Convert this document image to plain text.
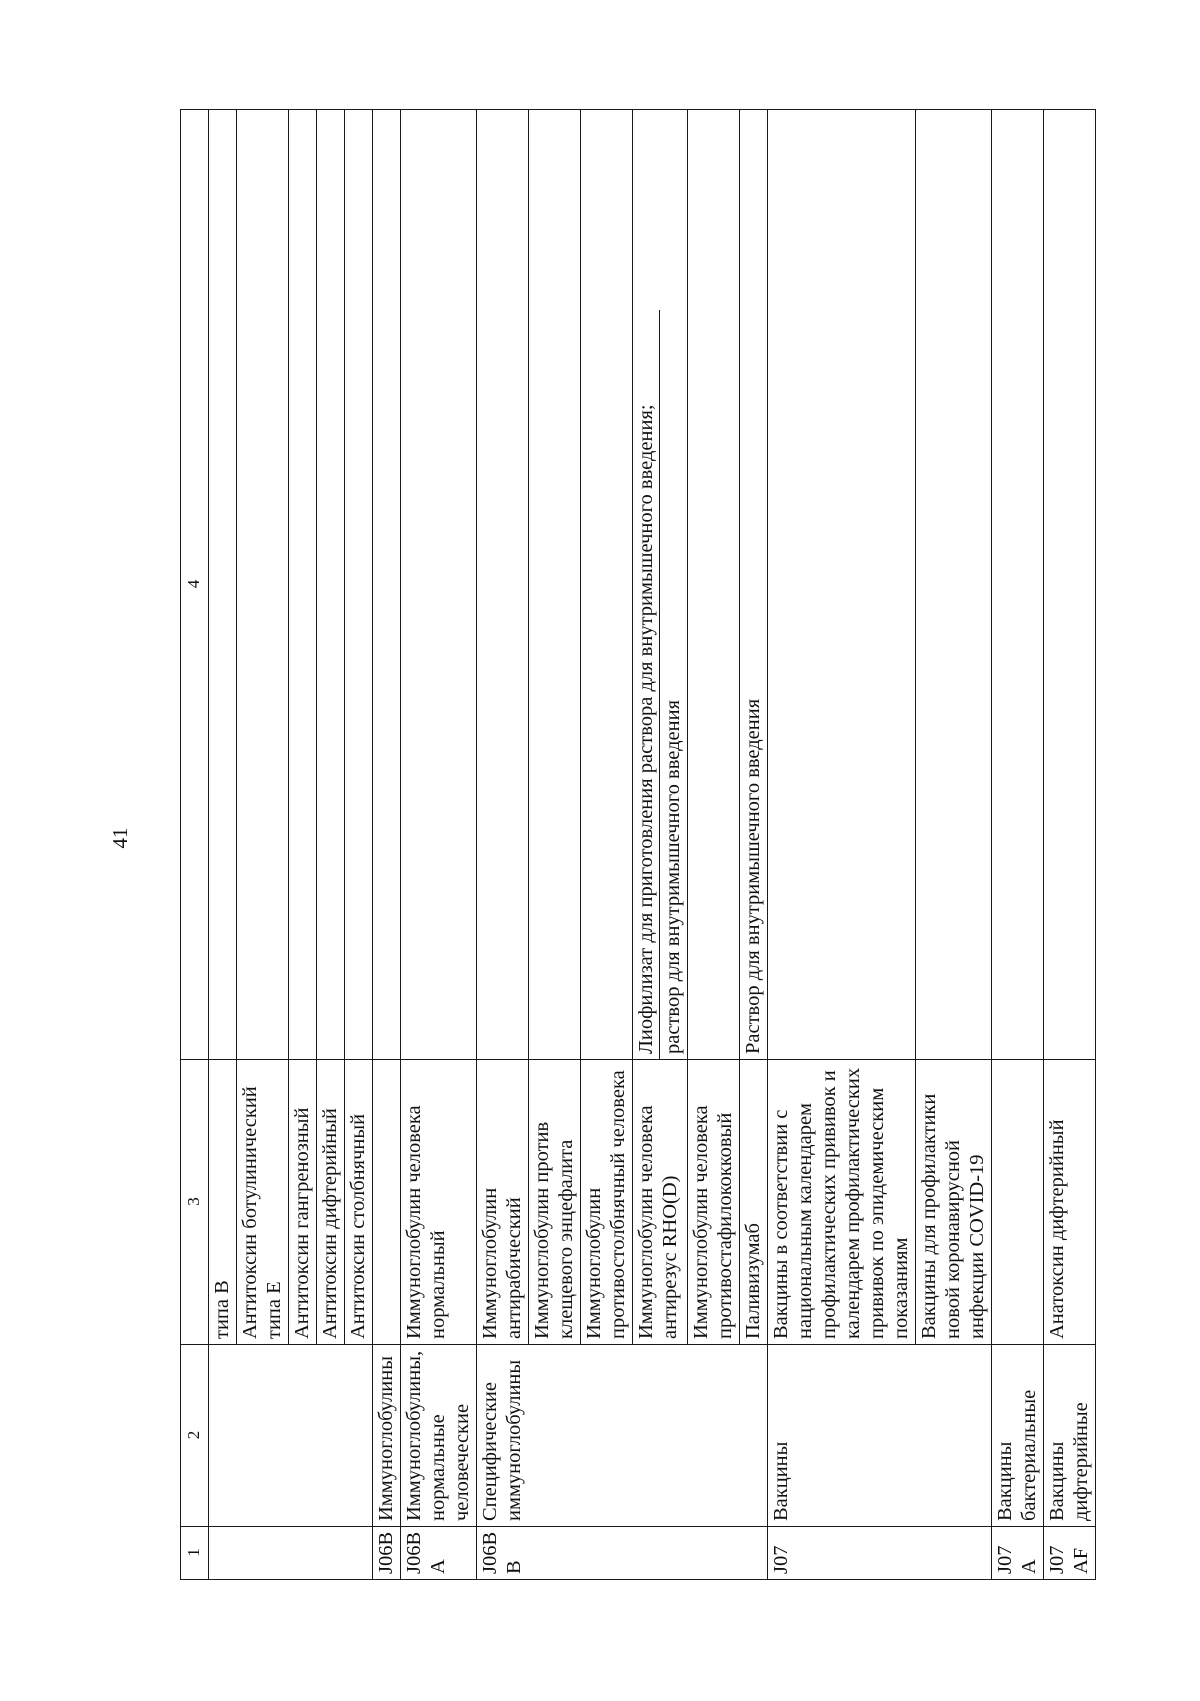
41
1	2	3	4
		типа В	
		Антитоксин ботулинический типа Е	
		Антитоксин гангренозный	
		Антитоксин дифтерийный	
		Антитоксин столбнячный	
J06B	Иммуноглобулины		
J06BA	Иммуноглобулины, нормальные человеческие	Иммуноглобулин человека нормальный	
J06BB	Специфические иммуноглобулины	Иммуноглобулин антирабический	
		Иммуноглобулин против клещевого энцефалита	
		Иммуноглобулин противостолбнячный человека	
		Иммуноглобулин человека антирезус RHO(D)	Лиофилизат для приготовления раствора для внутримышечного введения; раствор для внутримышечного введения

		Иммуноглобулин человека противостафилококковый	
		Паливизумаб	Раствор для внутримышечного введения
J07	Вакцины	Вакцины в соответствии с национальным календарем профилактических прививок и календарем профилактических прививок по эпидемическим показаниям	
		Вакцины для профилактики новой коронавирусной инфекции COVID-19	
J07A	Вакцины бактериальные		
J07AF	Вакцины дифтерийные	Анатоксин дифтерийный	
